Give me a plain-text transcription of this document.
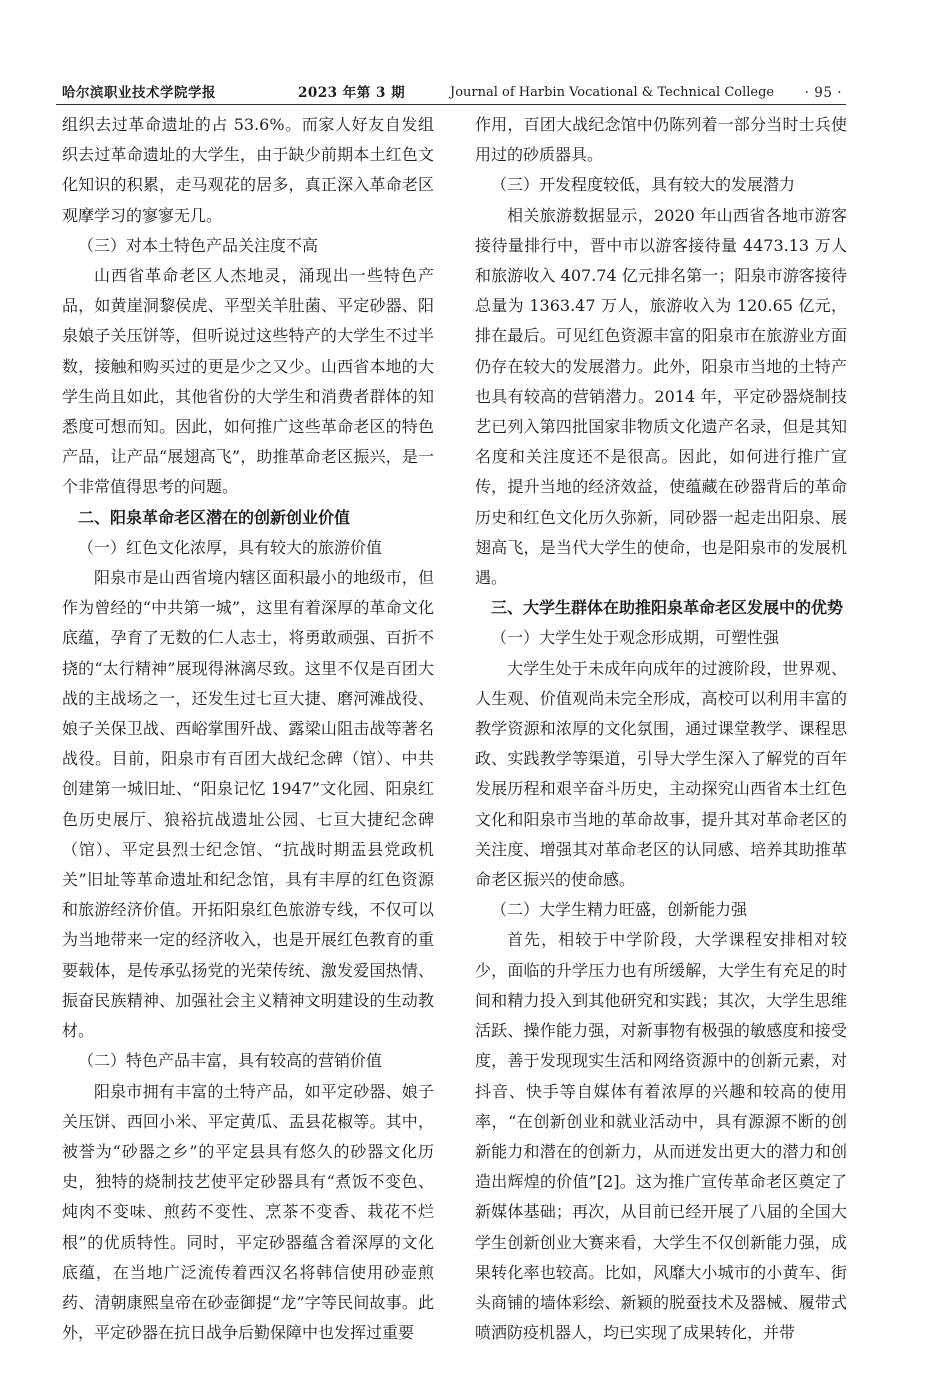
哈尔滨职业技术学院学报	2023 年第 3 期	Journal of Harbin Vocational & Technical College · 95 ·

组织去过革命遗址的占 53.6%。而家人好友自发组织去过革命遗址的大学生，由于缺少前期本土红色文化知识的积累，走马观花的居多，真正深入革命老区观摩学习的寥寥无几。

（三）对本土特色产品关注度不高

山西省革命老区人杰地灵，涌现出一些特色产品，如黄崖洞黎侯虎、平型关羊肚菌、平定砂器、阳泉娘子关压饼等，但听说过这些特产的大学生不过半数，接触和购买过的更是少之又少。山西省本地的大学生尚且如此，其他省份的大学生和消费者群体的知悉度可想而知。因此，如何推广这些革命老区的特色产品，让产品“展翅高飞”，助推革命老区振兴，是一个非常值得思考的问题。

二、阳泉革命老区潜在的创新创业价值
（一）红色文化浓厚，具有较大的旅游价值

阳泉市是山西省境内辖区面积最小的地级市，但作为曾经的“中共第一城”，这里有着深厚的革命文化底蕴，孕育了无数的仁人志士，将勇敢顽强、百折不挠的“太行精神”展现得淋漓尽致。这里不仅是百团大战的主战场之一，还发生过七亘大捷、磨河滩战役、娘子关保卫战、西峪掌围歼战、露梁山阻击战等著名战役。目前，阳泉市有百团大战纪念碑（馆）、中共创建第一城旧址、“阳泉记忆 1947”文化园、阳泉红色历史展厅、狼裕抗战遗址公园、七亘大捷纪念碑（馆）、平定县烈士纪念馆、“抗战时期盂县党政机关”旧址等革命遗址和纪念馆，具有丰厚的红色资源和旅游经济价值。开拓阳泉红色旅游专线，不仅可以为当地带来一定的经济收入，也是开展红色教育的重要载体，是传承弘扬党的光荣传统、激发爱国热情、振奋民族精神、加强社会主义精神文明建设的生动教材。

（二）特色产品丰富，具有较高的营销价值

阳泉市拥有丰富的土特产品，如平定砂器、娘子关压饼、西回小米、平定黄瓜、盂县花椒等。其中，被誉为“砂器之乡”的平定县具有悠久的砂器文化历史，独特的烧制技艺使平定砂器具有“煮饭不变色、炖肉不变味、煎药不变性、烹茶不变香、栽花不烂根”的优质特性。同时，平定砂器蕴含着深厚的文化底蕴，在当地广泛流传着西汉名将韩信使用砂壶煎药、清朝康熙皇帝在砂壶御提“龙”字等民间故事。此外，平定砂器在抗日战争后勤保障中也发挥过重要

作用，百团大战纪念馆中仍陈列着一部分当时士兵使用过的砂质器具。

（三）开发程度较低，具有较大的发展潜力

相关旅游数据显示，2020 年山西省各地市游客接待量排行中，晋中市以游客接待量 4473.13 万人和旅游收入 407.74 亿元排名第一；阳泉市游客接待总量为 1363.47 万人，旅游收入为 120.65 亿元，排在最后。可见红色资源丰富的阳泉市在旅游业方面仍存在较大的发展潜力。此外，阳泉市当地的土特产也具有较高的营销潜力。2014 年，平定砂器烧制技艺已列入第四批国家非物质文化遗产名录，但是其知名度和关注度还不是很高。因此，如何进行推广宣传，提升当地的经济效益，使蕴藏在砂器背后的革命历史和红色文化历久弥新，同砂器一起走出阳泉、展翅高飞，是当代大学生的使命，也是阳泉市的发展机遇。

三、大学生群体在助推阳泉革命老区发展中的优势
（一）大学生处于观念形成期，可塑性强

大学生处于未成年向成年的过渡阶段，世界观、人生观、价值观尚未完全形成，高校可以利用丰富的教学资源和浓厚的文化氛围，通过课堂教学、课程思政、实践教学等渠道，引导大学生深入了解党的百年发展历程和艰辛奋斗历史，主动探究山西省本土红色文化和阳泉市当地的革命故事，提升其对革命老区的关注度、增强其对革命老区的认同感、培养其助推革命老区振兴的使命感。

（二）大学生精力旺盛，创新能力强

首先，相较于中学阶段，大学课程安排相对较少，面临的升学压力也有所缓解，大学生有充足的时间和精力投入到其他研究和实践；其次，大学生思维活跃、操作能力强，对新事物有极强的敏感度和接受度，善于发现现实生活和网络资源中的创新元素，对抖音、快手等自媒体有着浓厚的兴趣和较高的使用率，“在创新创业和就业活动中，具有源源不断的创新能力和潜在的创新力，从而迸发出更大的潜力和创造出辉煌的价值”[2]。这为推广宣传革命老区奠定了新媒体基础；再次，从目前已经开展了八届的全国大学生创新创业大赛来看，大学生不仅创新能力强，成果转化率也较高。比如，风靡大小城市的小黄车、街头商铺的墙体彩绘、新颖的脱蚕技术及器械、履带式喷洒防疫机器人，均已实现了成果转化，并带
